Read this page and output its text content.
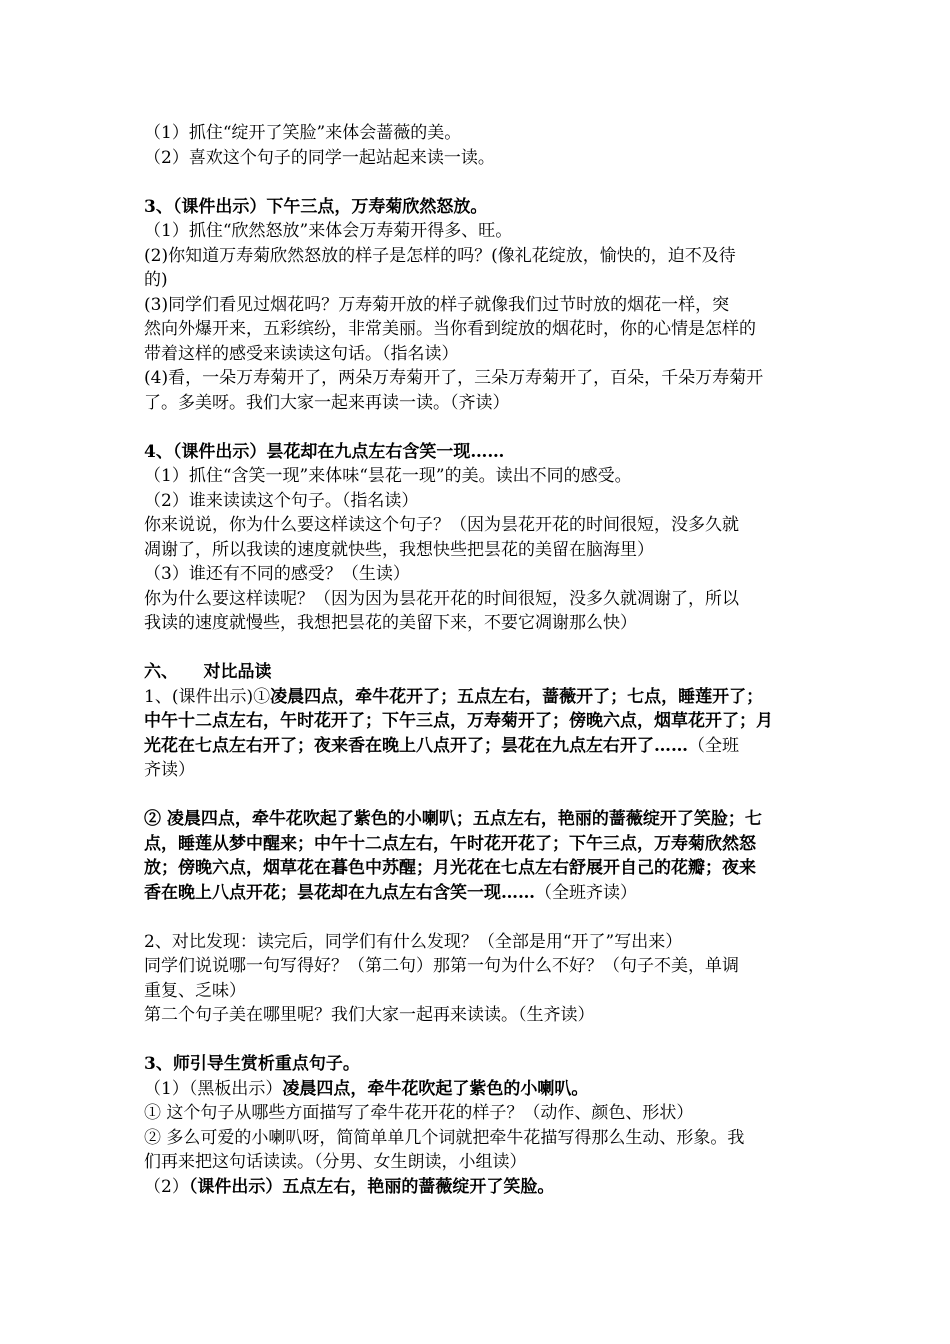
（1）抓住“绽开了笑脸”来体会蔷薇的美。

（2）喜欢这个句子的同学一起站起来读一读。

3、（课件出示）下午三点，万寿菊欣然怒放。

（1）抓住“欣然怒放”来体会万寿菊开得多、旺。

(2)你知道万寿菊欣然怒放的样子是怎样的吗？(像礼花绽放，愉快的，迫不及待

的)

(3)同学们看见过烟花吗？万寿菊开放的样子就像我们过节时放的烟花一样，突

然向外爆开来，五彩缤纷，非常美丽。当你看到绽放的烟花时，你的心情是怎样的

带着这样的感受来读读这句话。（指名读）

(4)看，一朵万寿菊开了，两朵万寿菊开了，三朵万寿菊开了，百朵，千朵万寿菊开

了。多美呀。我们大家一起来再读一读。（齐读）

4、（课件出示）昙花却在九点左右含笑一现……

（1）抓住“含笑一现”来体味“昙花一现”的美。读出不同的感受。

（2）谁来读读这个句子。（指名读）

你来说说，你为什么要这样读这个句子？（因为昙花开花的时间很短，没多久就

凋谢了，所以我读的速度就快些，我想快些把昙花的美留在脑海里）

（3）谁还有不同的感受？（生读）

你为什么要这样读呢？（因为因为昙花开花的时间很短，没多久就凋谢了，所以

我读的速度就慢些，我想把昙花的美留下来，不要它凋谢那么快）

六、　　对比品读

1、(课件出示)①凌晨四点，牵牛花开了；五点左右，蔷薇开了；七点，睡莲开了；

中午十二点左右，午时花开了；下午三点，万寿菊开了；傍晚六点，烟草花开了；月

光花在七点左右开了；夜来香在晚上八点开了；昙花在九点左右开了……（全班

齐读）

② 凌晨四点，牵牛花吹起了紫色的小喇叭；五点左右，艳丽的蔷薇绽开了笑脸；七

点，睡莲从梦中醒来；中午十二点左右，午时花开花了；下午三点，万寿菊欣然怒

放；傍晚六点，烟草花在暮色中苏醒；月光花在七点左右舒展开自己的花瓣；夜来

香在晚上八点开花；昙花却在九点左右含笑一现……（全班齐读）

2、对比发现：读完后，同学们有什么发现？（全部是用“开了”写出来）

同学们说说哪一句写得好？（第二句）那第一句为什么不好？（句子不美，单调

重复、乏味）

第二个句子美在哪里呢？我们大家一起再来读读。（生齐读）

3、师引导生赏析重点句子。

（1）（黑板出示）凌晨四点，牵牛花吹起了紫色的小喇叭。

① 这个句子从哪些方面描写了牵牛花开花的样子？（动作、颜色、形状）

② 多么可爱的小喇叭呀，简简单单几个词就把牵牛花描写得那么生动、形象。我

们再来把这句话读读。（分男、女生朗读，小组读）

（2）（课件出示）五点左右，艳丽的蔷薇绽开了笑脸。
